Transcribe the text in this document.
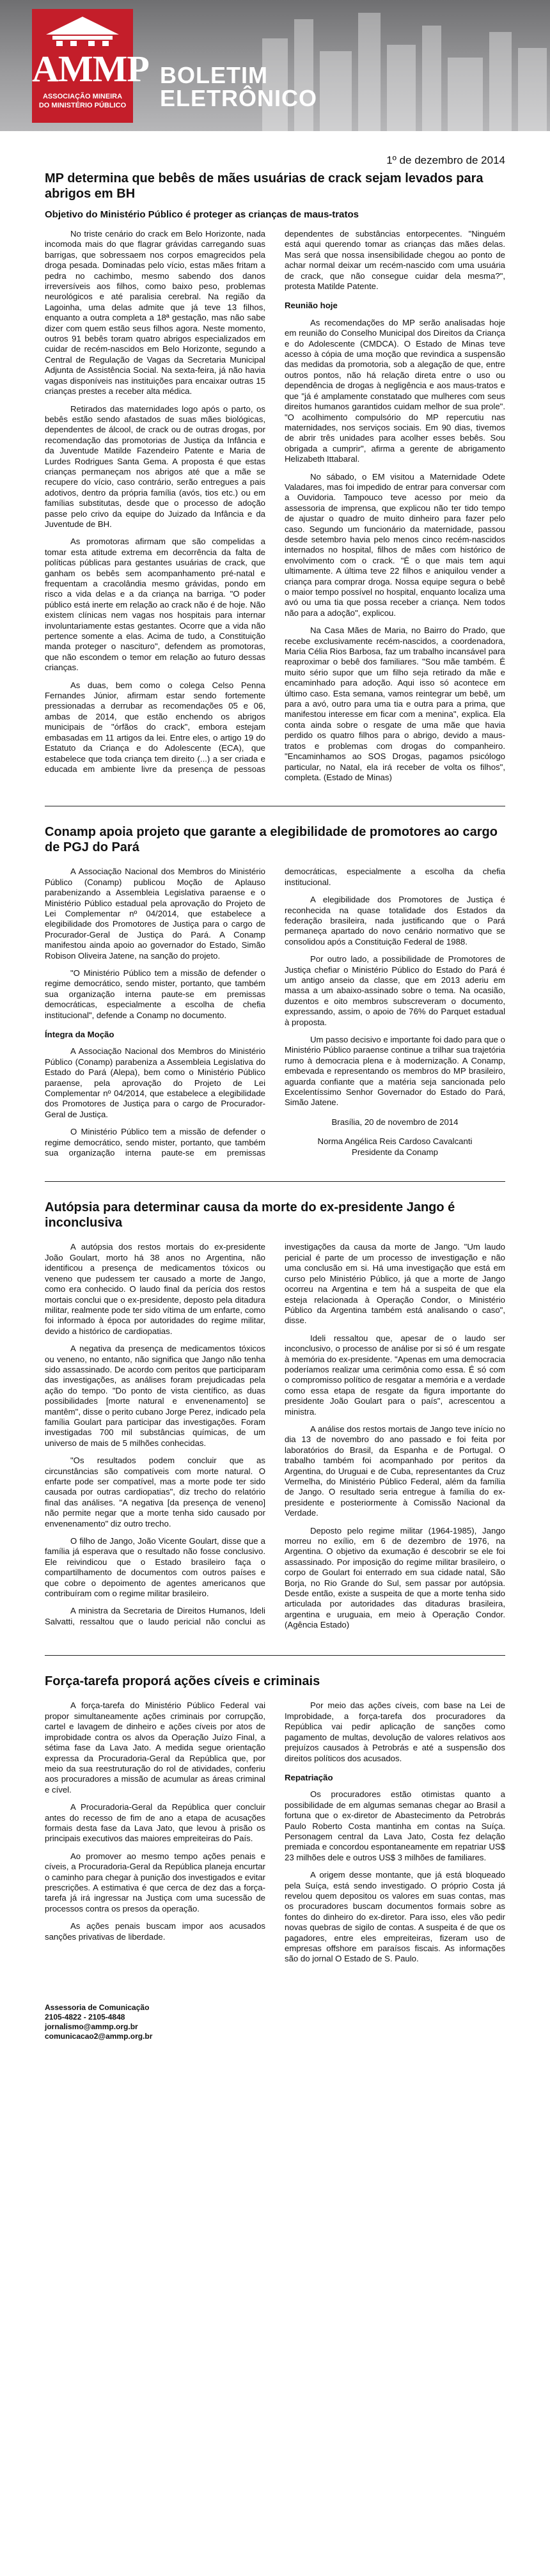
AMMP
ASSOCIAÇÃO MINEIRA
DO MINISTÉRIO PÚBLICO
BOLETIM
ELETRÔNICO
1º de dezembro de 2014
MP determina que bebês de mães usuárias de crack sejam levados para abrigos em BH
Objetivo do Ministério Público é proteger as crianças de maus-tratos

No triste cenário do crack em Belo Horizonte, nada incomoda mais do que flagrar grávidas carregando suas barrigas, que sobressaem nos corpos emagrecidos pela droga pesada. Dominadas pelo vício, estas mães fritam a pedra no cachimbo, mesmo sabendo dos danos irreversíveis aos filhos, como baixo peso, problemas neurológicos e até paralisia cerebral. Na região da Lagoinha, uma delas admite que já teve 13 filhos, enquanto a outra completa a 18ª gestação, mas não sabe dizer com quem estão seus filhos agora. Neste momento, outros 91 bebês toram quatro abrigos especializados em cuidar de recém-nascidos em Belo Horizonte, segundo a Central de Regulação de Vagas da Secretaria Municipal Adjunta de Assistência Social. Na sexta-feira, já não havia vagas disponíveis nas instituições para encaixar outras 15 crianças prestes a receber alta médica.

Retirados das maternidades logo após o parto, os bebês estão sendo afastados de suas mães biológicas, dependentes de álcool, de crack ou de outras drogas, por recomendação das promotorias de Justiça da Infância e da Juventude Matilde Fazendeiro Patente e Maria de Lurdes Rodrigues Santa Gema. A proposta é que estas crianças permaneçam nos abrigos até que a mãe se recupere do vício, caso contrário, serão entregues a pais adotivos, dentro da própria família (avós, tios etc.) ou em famílias substitutas, desde que o processo de adoção passe pelo crivo da equipe do Juizado da Infância e da Juventude de BH.

As promotoras afirmam que são compelidas a tomar esta atitude extrema em decorrência da falta de políticas públicas para gestantes usuárias de crack, que ganham os bebês sem acompanhamento pré-natal e frequentam a cracolândia mesmo grávidas, pondo em risco a vida delas e a da criança na barriga. "O poder público está inerte em relação ao crack não é de hoje. Não existem clínicas nem vagas nos hospitais para internar involuntariamente estas gestantes. Ocorre que a vida não pertence somente a elas. Acima de tudo, a Constituição manda proteger o nascituro", defendem as promotoras, que não escondem o temor em relação ao futuro dessas crianças.

As duas, bem como o colega Celso Penna Fernandes Júnior, afirmam estar sendo fortemente pressionadas a derrubar as recomendações 05 e 06, ambas de 2014, que estão enchendo os abrigos municipais de "órfãos do crack", embora estejam embasadas em 11 artigos da lei. Entre eles, o artigo 19 do Estatuto da Criança e do Adolescente (ECA), que estabelece que toda criança tem direito (...) a ser criada e educada em ambiente livre da presença de pessoas dependentes de substâncias entorpecentes. "Ninguém está aqui querendo tomar as crianças das mães delas. Mas será que nossa insensibilidade chegou ao ponto de achar normal deixar um recém-nascido com uma usuária de crack, que não consegue cuidar dela mesma?", protesta Matilde Patente.

Reunião hoje

As recomendações do MP serão analisadas hoje em reunião do Conselho Municipal dos Direitos da Criança e do Adolescente (CMDCA). O Estado de Minas teve acesso à cópia de uma moção que revindica a suspensão das medidas da promotoria, sob a alegação de que, entre outros pontos, não há relação direta entre o uso ou dependência de drogas à negligência e aos maus-tratos e que "já é amplamente constatado que mulheres com seus direitos humanos garantidos cuidam melhor de sua prole". "O acolhimento compulsório do MP repercutiu nas maternidades, nos serviços sociais. Em 90 dias, tivemos de abrir três unidades para acolher esses bebês. Sou obrigada a cumprir", afirma a gerente de abrigamento Helizabeth Ittabaral.

No sábado, o EM visitou a Maternidade Odete Valadares, mas foi impedido de entrar para conversar com a Ouvidoria. Tampouco teve acesso por meio da assessoria de imprensa, que explicou não ter tido tempo de ajustar o quadro de muito dinheiro para fazer pelo caso. Segundo um funcionário da maternidade, passou desde setembro havia pelo menos cinco recém-nascidos internados no hospital, filhos de mães com histórico de envolvimento com o crack. "É o que mais tem aqui ultimamente. A última teve 22 filhos e aniquilou vender a criança para comprar droga. Nossa equipe segura o bebê o maior tempo possível no hospital, enquanto localiza uma avó ou uma tia que possa receber a criança. Nem todos não para a adoção", explicou.

Na Casa Mães de Maria, no Bairro do Prado, que recebe exclusivamente recém-nascidos, a coordenadora, Maria Célia Rios Barbosa, faz um trabalho incansável para reaproximar o bebê dos familiares. "Sou mãe também. É muito sério supor que um filho seja retirado da mãe e encaminhado para adoção. Aqui isso só acontece em último caso. Esta semana, vamos reintegrar um bebê, um para a avó, outro para uma tia e outra para a prima, que manifestou interesse em ficar com a menina", explica. Ela conta ainda sobre o resgate de uma mãe que havia perdido os quatro filhos para o abrigo, devido a maus-tratos e problemas com drogas do companheiro. "Encaminhamos ao SOS Drogas, pagamos psicólogo particular, no Natal, ela irá receber de volta os filhos", completa. (Estado de Minas)

Conamp apoia projeto que garante a elegibilidade de promotores ao cargo de PGJ do Pará

A Associação Nacional dos Membros do Ministério Público (Conamp) publicou Moção de Aplauso parabenizando a Assembleia Legislativa paraense e o Ministério Público estadual pela aprovação do Projeto de Lei Complementar nº 04/2014, que estabelece a elegibilidade dos Promotores de Justiça para o cargo de Procurador-Geral de Justiça do Pará. A Conamp manifestou ainda apoio ao governador do Estado, Simão Robison Oliveira Jatene, na sanção do projeto.

"O Ministério Público tem a missão de defender o regime democrático, sendo mister, portanto, que também sua organização interna paute-se em premissas democráticas, especialmente a escolha de chefia institucional", defende a Conamp no documento.

Íntegra da Moção

A Associação Nacional dos Membros do Ministério Público (Conamp) parabeniza a Assembleia Legislativa do Estado do Pará (Alepa), bem como o Ministério Público paraense, pela aprovação do Projeto de Lei Complementar nº 04/2014, que estabelece a elegibilidade dos Promotores de Justiça para o cargo de Procurador-Geral de Justiça.

O Ministério Público tem a missão de defender o regime democrático, sendo mister, portanto, que também sua organização interna paute-se em premissas democráticas, especialmente a escolha da chefia institucional.

A elegibilidade dos Promotores de Justiça é reconhecida na quase totalidade dos Estados da federação brasileira, nada justificando que o Pará permaneça apartado do novo cenário normativo que se consolidou após a Constituição Federal de 1988.

Por outro lado, a possibilidade de Promotores de Justiça chefiar o Ministério Público do Estado do Pará é um antigo anseio da classe, que em 2013 aderiu em massa a um abaixo-assinado sobre o tema. Na ocasião, duzentos e oito membros subscreveram o documento, expressando, assim, o apoio de 76% do Parquet estadual à proposta.

Um passo decisivo e importante foi dado para que o Ministério Público paraense continue a trilhar sua trajetória rumo à democracia plena e à modernização. A Conamp, embevada e representando os membros do MP brasileiro, aguarda confiante que a matéria seja sancionada pelo Excelentíssimo Senhor Governador do Estado do Pará, Simão Jatene.

Brasília, 20 de novembro de 2014

Norma Angélica Reis Cardoso Cavalcanti

Presidente da Conamp

Autópsia para determinar causa da morte do ex-presidente Jango é inconclusiva

A autópsia dos restos mortais do ex-presidente João Goulart, morto há 38 anos no Argentina, não identificou a presença de medicamentos tóxicos ou veneno que pudessem ter causado a morte de Jango, como era conhecido. O laudo final da perícia dos restos mortais conclui que o ex-presidente, deposto pela ditadura militar, realmente pode ter sido vítima de um enfarte, como foi informado à época por autoridades do regime militar, devido a histórico de cardiopatias.

A negativa da presença de medicamentos tóxicos ou veneno, no entanto, não significa que Jango não tenha sido assassinado. De acordo com peritos que participaram das investigações, as análises foram prejudicadas pela ação do tempo. "Do ponto de vista científico, as duas possibilidades [morte natural e envenenamento] se mantêm", disse o perito cubano Jorge Perez, indicado pela família Goulart para participar das investigações. Foram investigadas 700 mil substâncias químicas, de um universo de mais de 5 milhões conhecidas.

"Os resultados podem concluir que as circunstâncias são compatíveis com morte natural. O enfarte pode ser compatível, mas a morte pode ter sido causada por outras cardiopatias", diz trecho do relatório final das análises. "A negativa [da presença de veneno] não permite negar que a morte tenha sido causado por envenenamento" diz outro trecho.

O filho de Jango, João Vicente Goulart, disse que a família já esperava que o resultado não fosse conclusivo. Ele reivindicou que o Estado brasileiro faça o compartilhamento de documentos com outros países e que cobre o depoimento de agentes americanos que contribuíram com o regime militar brasileiro.

A ministra da Secretaria de Direitos Humanos, Ideli Salvatti, ressaltou que o laudo pericial não conclui as investigações da causa da morte de Jango. "Um laudo pericial é parte de um processo de investigação e não uma conclusão em si. Há uma investigação que está em curso pelo Ministério Público, já que a morte de Jango ocorreu na Argentina e tem há a suspeita de que ela esteja relacionada à Operação Condor, o Ministério Público da Argentina também está analisando o caso", disse.

Ideli ressaltou que, apesar de o laudo ser inconclusivo, o processo de análise por si só é um resgate à memória do ex-presidente. "Apenas em uma democracia poderíamos realizar uma cerimônia como essa. É só com o compromisso político de resgatar a memória e a verdade como essa etapa de resgate da figura importante do presidente João Goulart para o país", acrescentou a ministra.

A análise dos restos mortais de Jango teve início no dia 13 de novembro do ano passado e foi feita por laboratórios do Brasil, da Espanha e de Portugal. O trabalho também foi acompanhado por peritos da Argentina, do Uruguai e de Cuba, representantes da Cruz Vermelha, do Ministério Público Federal, além da família de Jango. O resultado seria entregue à família do ex-presidente e posteriormente à Comissão Nacional da Verdade.

Deposto pelo regime militar (1964-1985), Jango morreu no exílio, em 6 de dezembro de 1976, na Argentina. O objetivo da exumação é descobrir se ele foi assassinado. Por imposição do regime militar brasileiro, o corpo de Goulart foi enterrado em sua cidade natal, São Borja, no Rio Grande do Sul, sem passar por autópsia. Desde então, existe a suspeita de que a morte tenha sido articulada por autoridades das ditaduras brasileira, argentina e uruguaia, em meio à Operação Condor. (Agência Estado)

Força-tarefa proporá ações cíveis e criminais

A força-tarefa do Ministério Público Federal vai propor simultaneamente ações criminais por corrupção, cartel e lavagem de dinheiro e ações cíveis por atos de improbidade contra os alvos da Operação Juízo Final, a sétima fase da Lava Jato. A medida segue orientação expressa da Procuradoria-Geral da República que, por meio da sua reestruturação do rol de atividades, conferiu aos procuradores a missão de acumular as áreas criminal e cível.

A Procuradoria-Geral da República quer concluir antes do recesso de fim de ano a etapa de acusações formais desta fase da Lava Jato, que levou à prisão os principais executivos das maiores empreiteiras do País.

Ao promover ao mesmo tempo ações penais e cíveis, a Procuradoria-Geral da República planeja encurtar o caminho para chegar à punição dos investigados e evitar prescrições. A estimativa é que cerca de dez das a força-tarefa já irá ingressar na Justiça com uma sucessão de processos contra os presos da operação.

As ações penais buscam impor aos acusados sanções privativas de liberdade.

Por meio das ações cíveis, com base na Lei de Improbidade, a força-tarefa dos procuradores da República vai pedir aplicação de sanções como pagamento de multas, devolução de valores relativos aos prejuízos causados à Petrobrás e até a suspensão dos direitos políticos dos acusados.

Repatriação

Os procuradores estão otimistas quanto a possibilidade de em algumas semanas chegar ao Brasil a fortuna que o ex-diretor de Abastecimento da Petrobrás Paulo Roberto Costa mantinha em contas na Suíça. Personagem central da Lava Jato, Costa fez delação premiada e concordou espontaneamente em repatriar US$ 23 milhões dele e outros US$ 3 milhões de familiares.

A origem desse montante, que já está bloqueado pela Suíça, está sendo investigado. O próprio Costa já revelou quem depositou os valores em suas contas, mas os procuradores buscam documentos formais sobre as fontes do dinheiro do ex-diretor. Para isso, eles vão pedir novas quebras de sigilo de contas. A suspeita é de que os pagadores, entre eles empreiteiras, fizeram uso de empresas offshore em paraísos fiscais. As informações são do jornal O Estado de S. Paulo.

Assessoria de Comunicação
2105-4822 - 2105-4848
jornalismo@ammp.org.br
comunicacao2@ammp.org.br
